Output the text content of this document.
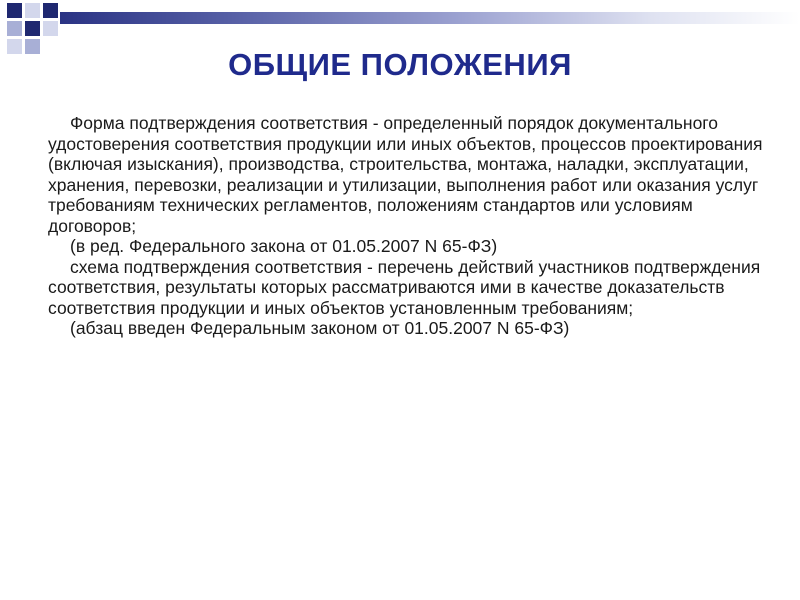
ОБЩИЕ ПОЛОЖЕНИЯ

Форма подтверждения соответствия - определенный порядок документального удостоверения соответствия продукции или иных объектов, процессов проектирования (включая изыскания), производства, строительства, монтажа, наладки, эксплуатации, хранения, перевозки, реализации и утилизации, выполнения работ или оказания услуг требованиям технических регламентов, положениям стандартов или условиям договоров;

(в ред. Федерального закона от 01.05.2007 N 65-ФЗ)

схема подтверждения соответствия - перечень действий участников подтверждения соответствия, результаты которых рассматриваются ими в качестве доказательств соответствия продукции и иных объектов установленным требованиям;

(абзац введен Федеральным законом от 01.05.2007 N 65-ФЗ)
